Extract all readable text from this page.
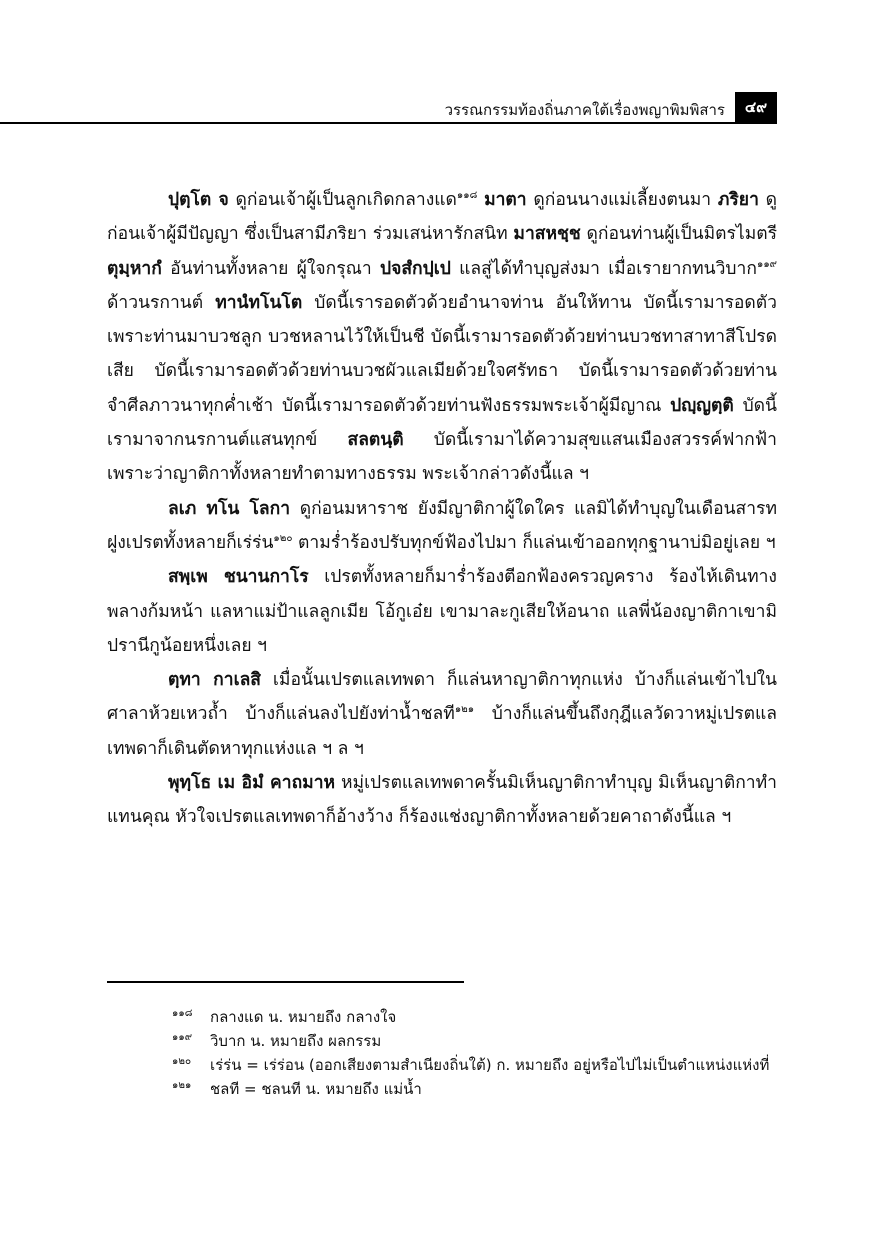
วรรณกรรมท้องถิ่นภาคใต้เรื่องพญาพิมพิสาร	๔๙

ปุตฺโต จ ดูก่อนเจ้าผู้เป็นลูกเกิดกลางแด$^{๑๑๘}$ มาตา ดูก่อนนางแม่เลี้ยงตนมา ภริยา ดูก่อนเจ้าผู้มีปัญญา ซึ่งเป็นสามีภริยา ร่วมเสน่หารักสนิท มาสหชฺช ดูก่อนท่านผู้เป็นมิตรไมตรี ตุมฺหากํ อันท่านทั้งหลาย ผู้ใจกรุณา ปจสํกปฺเป แลสู่ได้ทำบุญส่งมา เมื่อเรายากทนวิบาก$^{๑๑๙}$ ด้าวนรกานต์ ทานํทโนโต บัดนี้เรารอดตัวด้วยอำนาจท่าน อันให้ทาน บัดนี้เรามารอดตัวเพราะท่านมาบวชลูก บวชหลานไว้ให้เป็นชี บัดนี้เรามารอดตัวด้วยท่านบวชทาสาทาสีโปรดเสีย บัดนี้เรามารอดตัวด้วยท่านบวชผัวแลเมียด้วยใจศรัทธา บัดนี้เรามารอดตัวด้วยท่านจำศีลภาวนาทุกค่ำเช้า บัดนี้เรามารอดตัวด้วยท่านฟังธรรมพระเจ้าผู้มีญาณ ปญฺญตฺติ บัดนี้เรามาจากนรกานต์แสนทุกข์ สลตนฺติ บัดนี้เรามาได้ความสุขแสนเมืองสวรรค์ฟากฟ้า เพราะว่าญาติกาทั้งหลายทำตามทางธรรม พระเจ้ากล่าวดังนี้แล ฯ

ลเภ ทโน โลกา ดูก่อนมหาราช ยังมีญาติกาผู้ใดใคร แลมิได้ทำบุญในเดือนสารท ฝูงเปรตทั้งหลายก็เร่ร่น$^{๑๒๐}$ ตามร่ำร้องปรับทุกข์ฟ้องไปมา ก็แล่นเข้าออกทุกฐานาบ่มิอยู่เลย ฯ

สพฺเพ ชนานกาโร เปรตทั้งหลายก็มาร่ำร้องตีอกฟ้องครวญคราง ร้องไห้เดินทางพลางก้มหน้า แลหาแม่ป้าแลลูกเมีย โอ้กูเอ๋ย เขามาละกูเสียให้อนาถ แลพี่น้องญาติกาเขามิปรานีกูน้อยหนึ่งเลย ฯ

ตฺทา กาเลสิ เมื่อนั้นเปรตแลเทพดา ก็แล่นหาญาติกาทุกแห่ง บ้างก็แล่นเข้าไปในศาลาห้วยเหวถ้ำ บ้างก็แล่นลงไปยังท่าน้ำชลที$^{๑๒๑}$ บ้างก็แล่นขึ้นถึงกุฎีแลวัดวาหมู่เปรตแลเทพดาก็เดินตัดหาทุกแห่งแล ฯ ล ฯ

พุทฺโธ เม อิมํ คาถมาห หมู่เปรตแลเทพดาครั้นมิเห็นญาติกาทำบุญ มิเห็นญาติกาทำแทนคุณ หัวใจเปรตแลเทพดาก็อ้างว้าง ก็ร้องแช่งญาติกาทั้งหลายด้วยคาถาดังนี้แล ฯ

๑๑๘ กลางแด น. หมายถึง กลางใจ
๑๑๙ วิบาก น. หมายถึง ผลกรรม
๑๒๐ เร่ร่น = เร่ร่อน (ออกเสียงตามสำเนียงถิ่นใต้) ก. หมายถึง อยู่หรือไปไม่เป็นตำแหน่งแห่งที่
๑๒๑ ชลที = ชลนที น. หมายถึง แม่น้ำ
